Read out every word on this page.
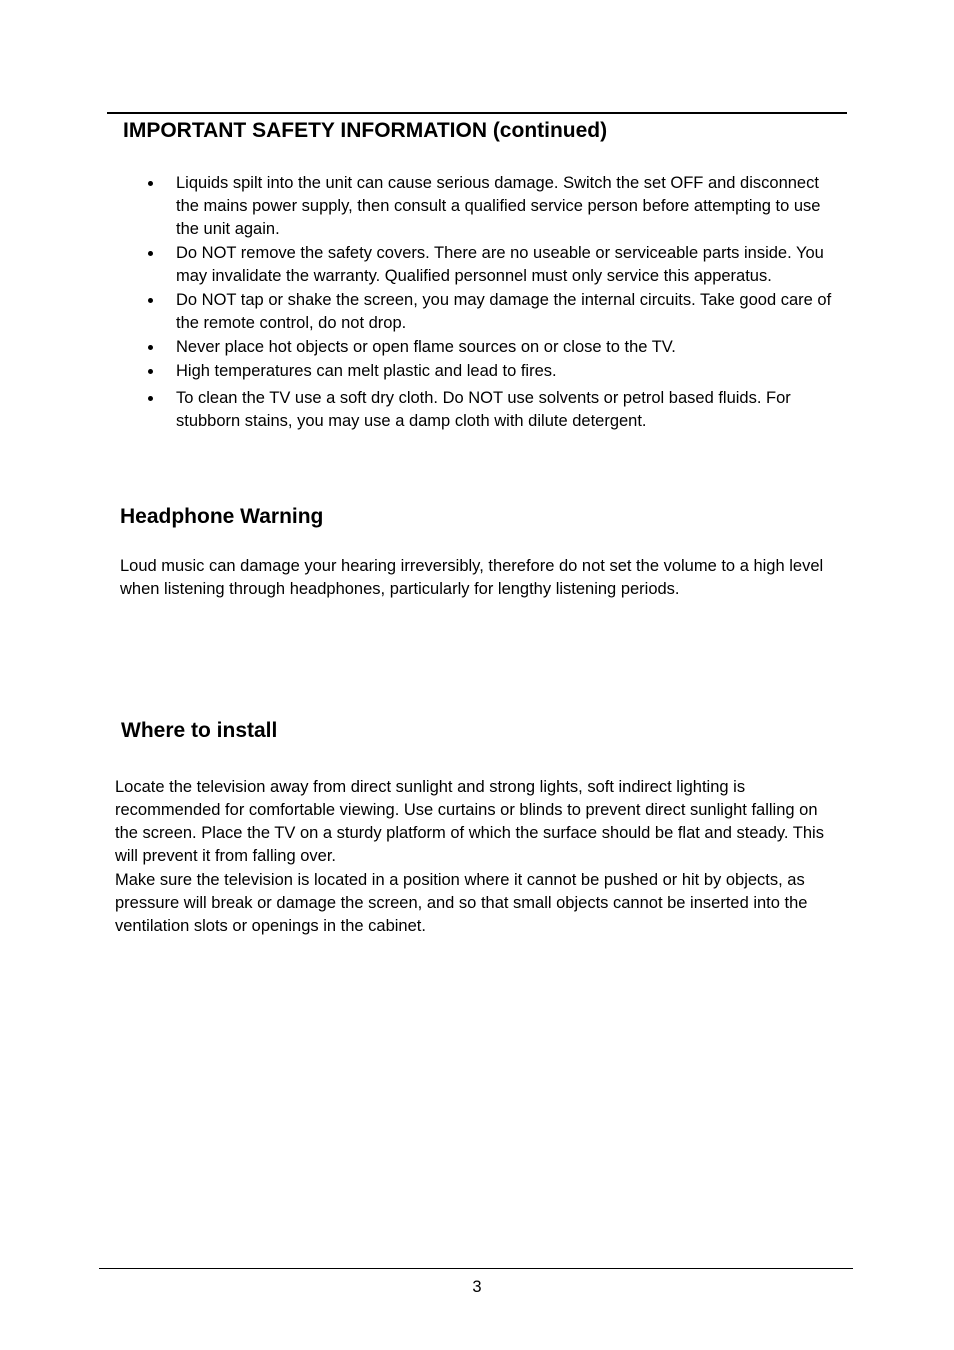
IMPORTANT SAFETY INFORMATION (continued)
Liquids spilt into the unit can cause serious damage. Switch the set OFF and disconnect the mains power supply, then consult a qualified service person before attempting to use the unit again.
Do NOT remove the safety covers. There are no useable or serviceable parts inside. You may invalidate the warranty. Qualified personnel must only service this apperatus.
Do NOT tap or shake the screen, you may damage the internal circuits. Take good care of the remote control, do not drop.
Never place hot objects or open flame sources on or close to the TV.
High temperatures can melt plastic and lead to fires.
To clean the TV use a soft dry cloth. Do NOT use solvents or petrol based fluids. For stubborn stains, you may use a damp cloth with dilute detergent.
Headphone Warning

Loud music can damage your hearing irreversibly, therefore do not set the volume to a high level when listening through headphones, particularly for lengthy listening periods.

Where to install

Locate the television away from direct sunlight and strong lights, soft indirect lighting is recommended for comfortable viewing. Use curtains or blinds to prevent direct sunlight falling on the screen. Place the TV on a sturdy platform of which the surface should be flat and steady. This will prevent it from falling over.

Make sure the television is located in a position where it cannot be pushed or hit by objects, as pressure will break or damage the screen, and so that small objects cannot be inserted into the ventilation slots or openings in the cabinet.

3
